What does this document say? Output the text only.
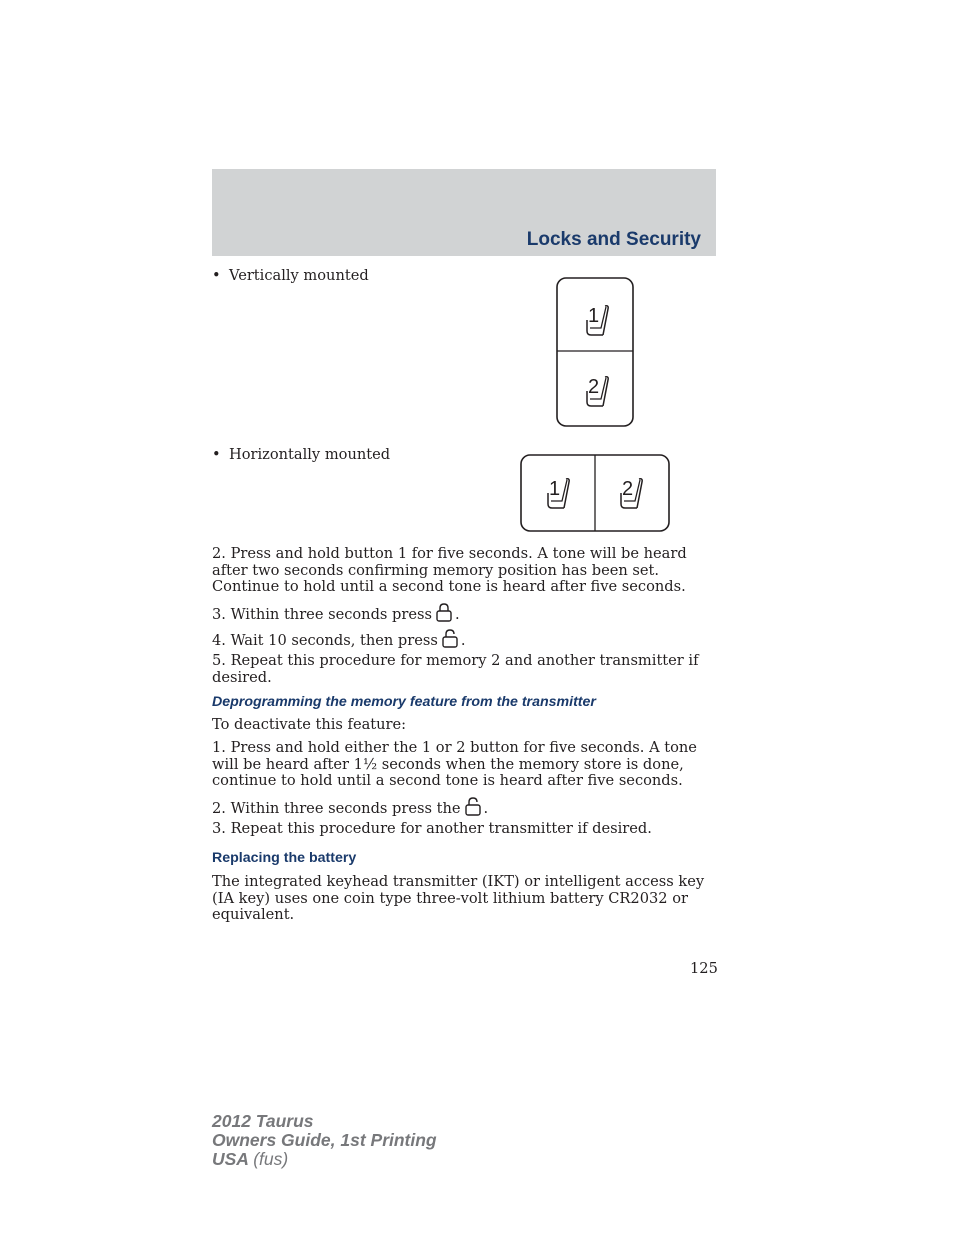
Locks and Security
• Vertically mounted
1
2
• Horizontally mounted
1	2
2. Press and hold button 1 for five seconds. A tone will be heard after two seconds confirming memory position has been set. Continue to hold until a second tone is heard after five seconds.
3. Within three seconds press .
4. Wait 10 seconds, then press .
5. Repeat this procedure for memory 2 and another transmitter if desired.
Deprogramming the memory feature from the transmitter
To deactivate this feature:
1. Press and hold either the 1 or 2 button for five seconds. A tone will be heard after 1½ seconds when the memory store is done, continue to hold until a second tone is heard after five seconds.
2. Within three seconds press the .
3. Repeat this procedure for another transmitter if desired.
Replacing the battery
The integrated keyhead transmitter (IKT) or intelligent access key (IA key) uses one coin type three-volt lithium battery CR2032 or equivalent.
125
2012 Taurus
Owners Guide, 1st Printing
USA (fus)
